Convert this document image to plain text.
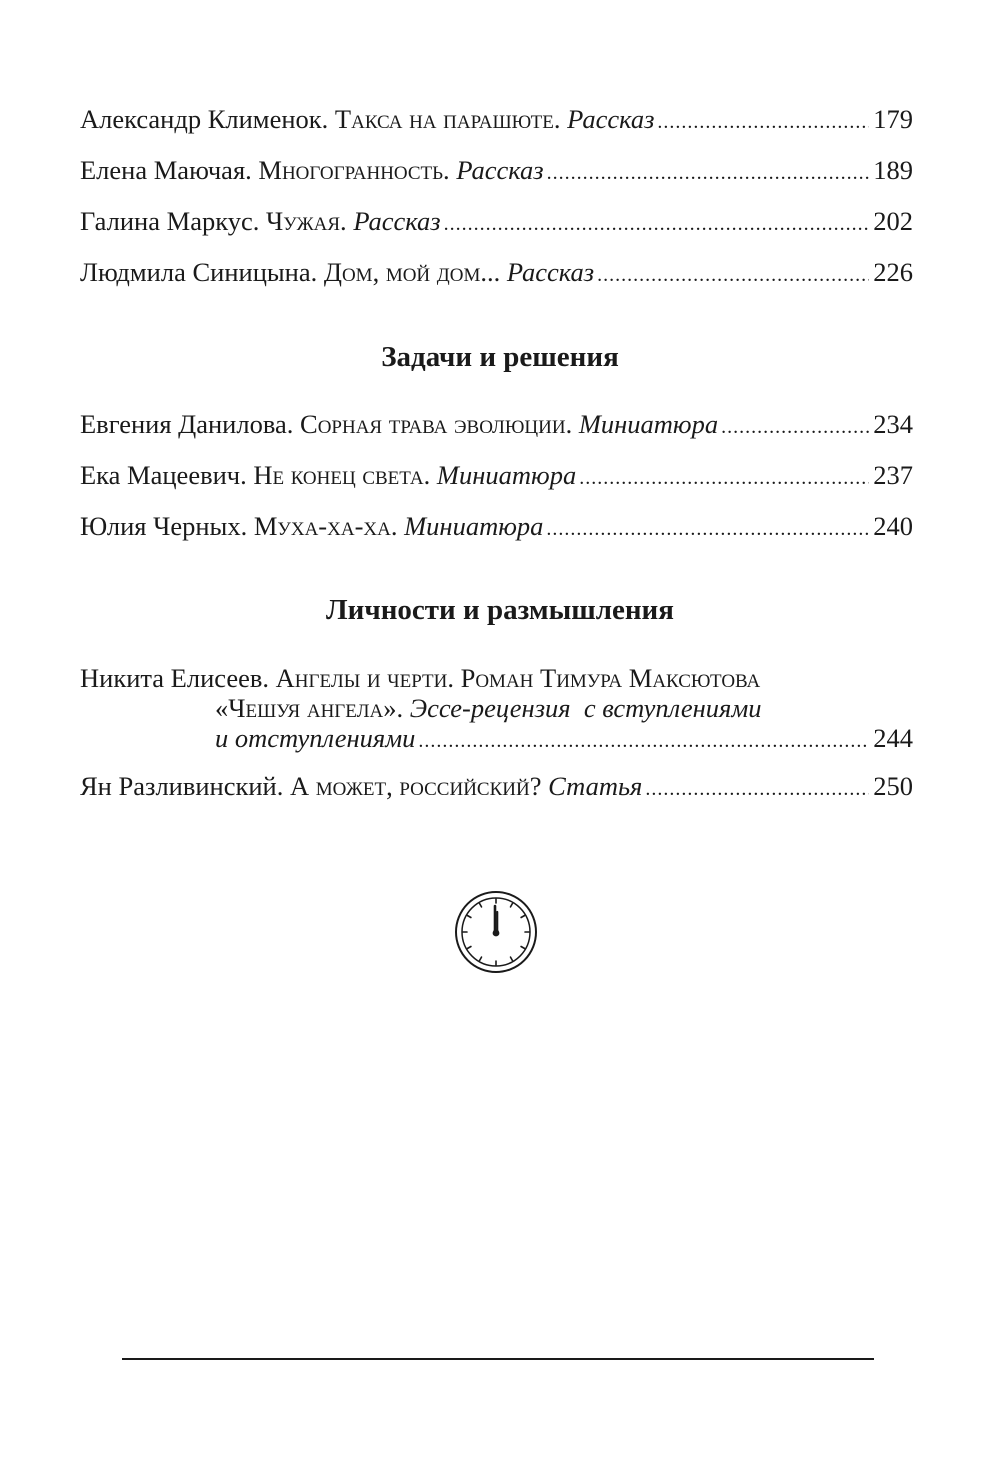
Александр Клименок. Такса на парашюте. Рассказ .....	179
Елена Маючая. Многогранность. Рассказ .....	189
Галина Маркус. Чужая. Рассказ .....	202
Людмила Синицына. Дом, мой дом... Рассказ .....	226
Задачи и решения
Евгения Данилова. Сорная трава эволюции. Миниатюра .....	234
Ека Мацеевич. Не конец света. Миниатюра .....	237
Юлия Черных. Муха-ха-ха. Миниатюра .....	240
Личности и размышления
Никита Елисеев. Ангелы и черти. Роман Тимура Максютова
«Чешуя ангела». Эссе-рецензия  с вступлениями
и отступлениями .....	244
Ян Разливинский. А может, российский? Статья .....	250
